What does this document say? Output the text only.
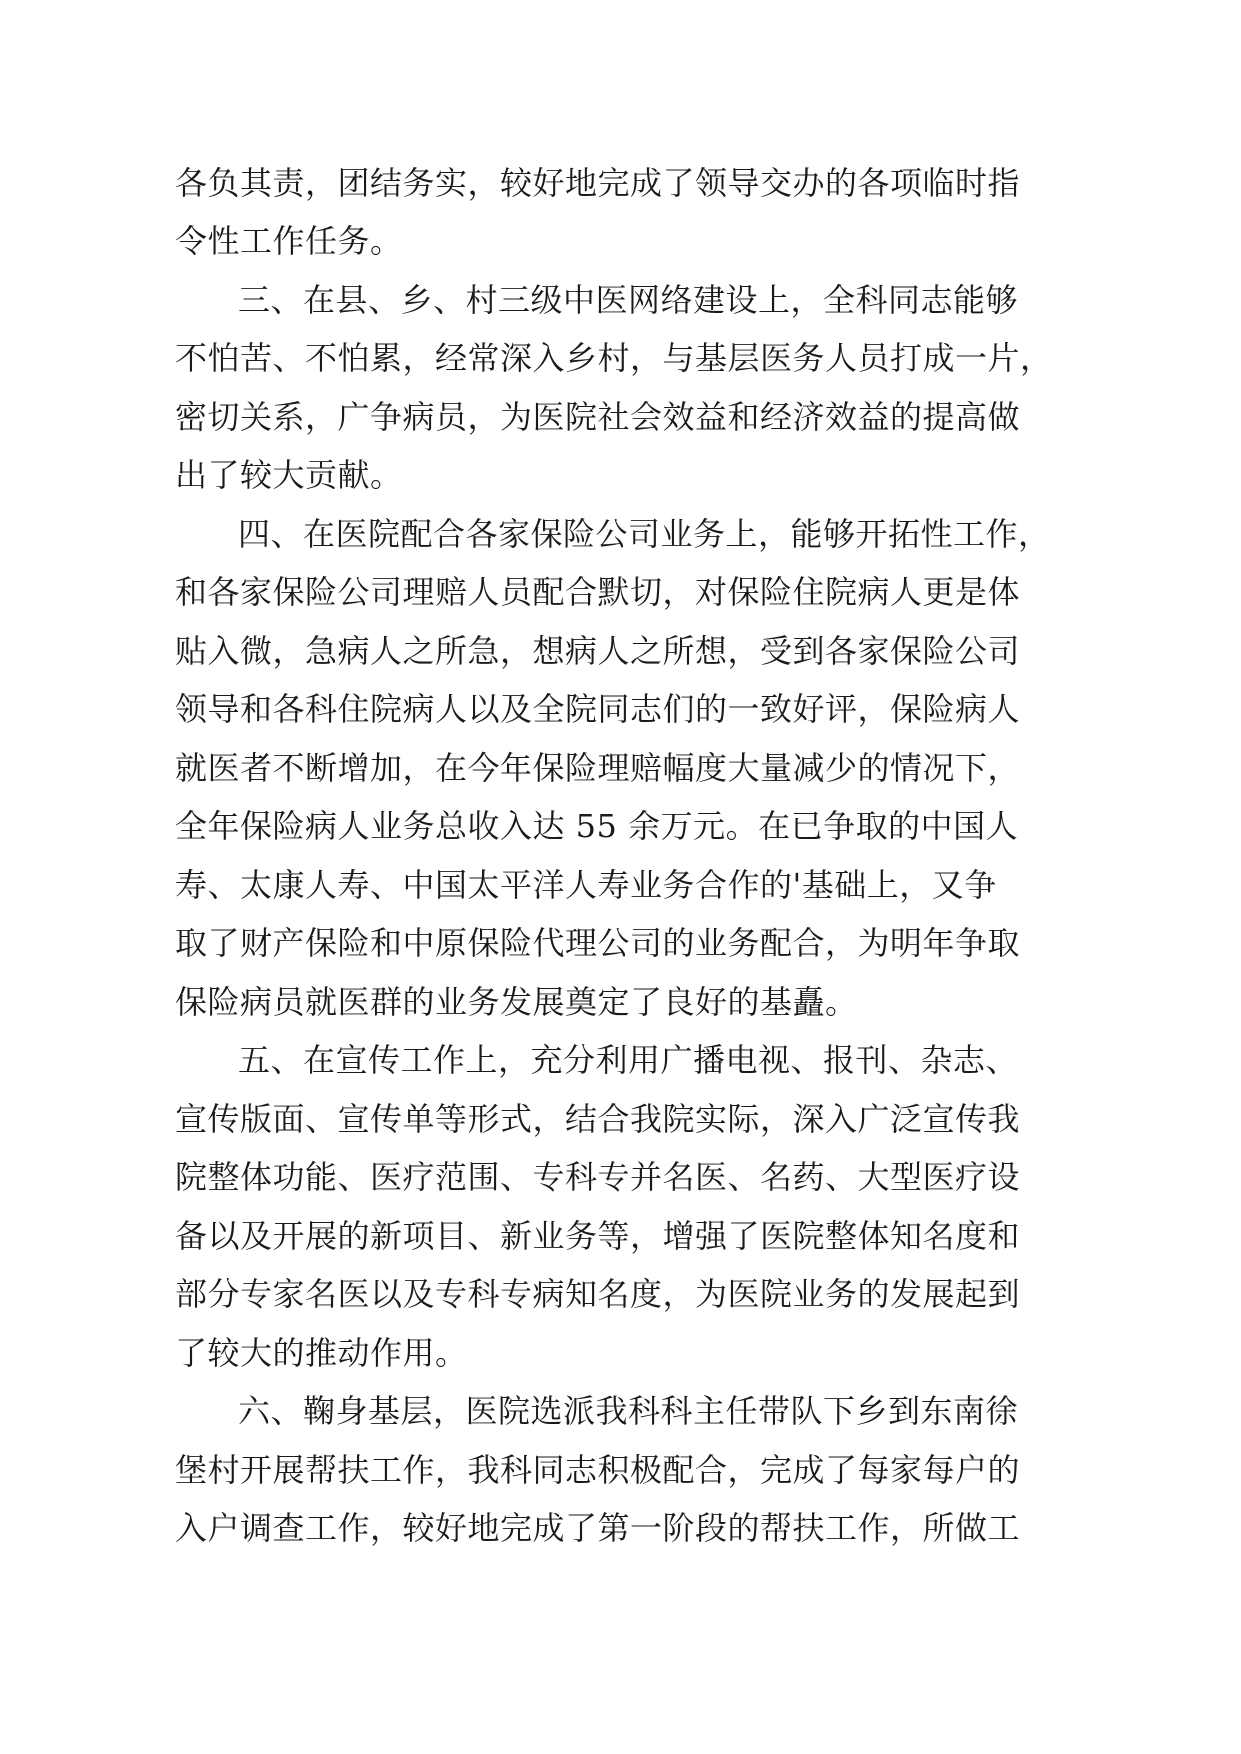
各负其责，团结务实，较好地完成了领导交办的各项临时指
令性工作任务。
三、在县、乡、村三级中医网络建设上，全科同志能够
不怕苦、不怕累，经常深入乡村，与基层医务人员打成一片，
密切关系，广争病员，为医院社会效益和经济效益的提高做
出了较大贡献。
四、在医院配合各家保险公司业务上，能够开拓性工作，
和各家保险公司理赔人员配合默切，对保险住院病人更是体
贴入微，急病人之所急，想病人之所想，受到各家保险公司
领导和各科住院病人以及全院同志们的一致好评，保险病人
就医者不断增加，在今年保险理赔幅度大量减少的情况下，
全年保险病人业务总收入达 55 余万元。在已争取的中国人
寿、太康人寿、中国太平洋人寿业务合作的'基础上，又争
取了财产保险和中原保险代理公司的业务配合，为明年争取
保险病员就医群的业务发展奠定了良好的基矗。
五、在宣传工作上，充分利用广播电视、报刊、杂志、
宣传版面、宣传单等形式，结合我院实际，深入广泛宣传我
院整体功能、医疗范围、专科专并名医、名药、大型医疗设
备以及开展的新项目、新业务等，增强了医院整体知名度和
部分专家名医以及专科专病知名度，为医院业务的发展起到
了较大的推动作用。
六、鞠身基层，医院选派我科科主任带队下乡到东南徐
堡村开展帮扶工作，我科同志积极配合，完成了每家每户的
入户调查工作，较好地完成了第一阶段的帮扶工作，所做工
